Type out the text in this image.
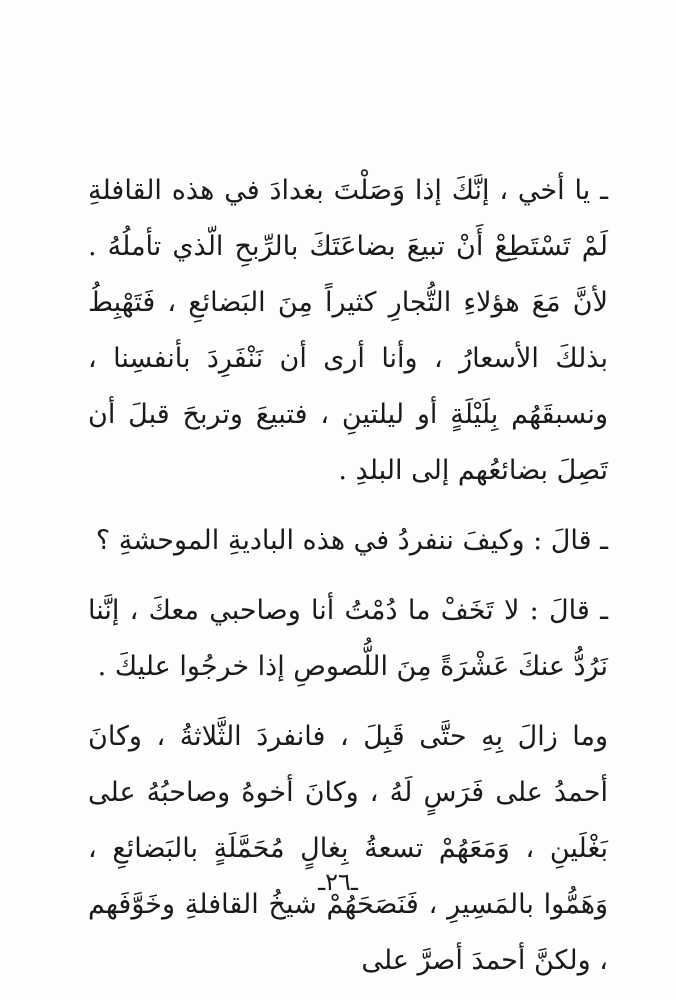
ـ يا أخي ، إنَّكَ إذا وَصَلْتَ بغدادَ في هذه القافلةِ لَمْ تَسْتَطِعْ أَنْ تبيعَ بضاعَتَكَ بالرِّبحِ الّذي تأملُهُ . لأنَّ مَعَ هؤلاءِ التُّجارِ كثيراً مِنَ البَضائعِ ، فَتَهْبِطُ بذلكَ الأسعارُ ، وأنا أرى أن نَنْفَرِدَ بأنفسِنا ، ونسبقَهُم بِلَيْلَةٍ أو ليلتينِ ، فتبيعَ وتربحَ قبلَ أن تَصِلَ بضائعُهم إلى البلدِ .

ـ قالَ : وكيفَ ننفردُ في هذه الباديةِ الموحشةِ ؟

ـ قالَ : لا تَخَفْ ما دُمْتُ أنا وصاحبي معكَ ، إنَّنا نَرُدُّ عنكَ عَشْرَةً مِنَ اللُّصوصِ إذا خرجُوا عليكَ .

وما زالَ بِهِ حتَّى قَبِلَ ، فانفردَ الثَّلاثةُ ، وكانَ أحمدُ على فَرَسٍ لَهُ ، وكانَ أخوهُ وصاحبُهُ على بَغْلَينِ ، وَمَعَهُمْ تسعةُ بِغالٍ مُحَمَّلَةٍ بالبَضائعِ ، وَهَمُّوا بالمَسِيرِ ، فَنَصَحَهُمْ شيخُ القافلةِ وخَوَّفَهم ، ولكنَّ أحمدَ أصرَّ على

ـ٢٦ـ
